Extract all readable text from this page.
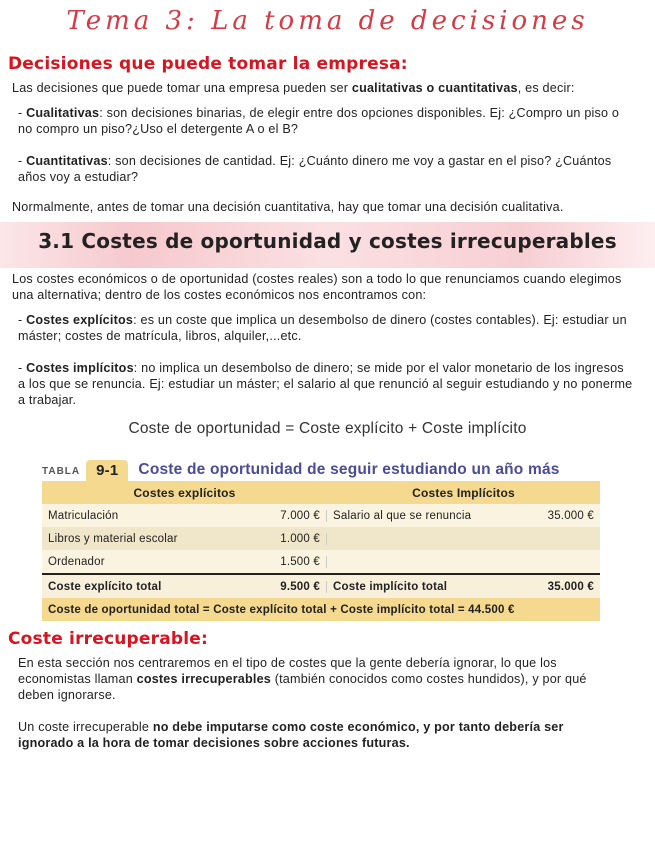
Tema 3: La toma de decisiones
Decisiones que puede tomar la empresa:

Las decisiones que puede tomar una empresa pueden ser cualitativas o cuantitativas, es decir:

- Cualitativas: son decisiones binarias, de elegir entre dos opciones disponibles. Ej: ¿Compro un piso o no compro un piso?¿Uso el detergente A o el B?

- Cuantitativas: son decisiones de cantidad. Ej: ¿Cuánto dinero me voy a gastar en el piso? ¿Cuántos años voy a estudiar?

Normalmente, antes de tomar una decisión cuantitativa, hay que tomar una decisión cualitativa.

3.1 Costes de oportunidad y costes irrecuperables

Los costes económicos o de oportunidad (costes reales) son a todo lo que renunciamos cuando elegimos una alternativa; dentro de los costes económicos nos encontramos con:

- Costes explícitos: es un coste que implica un desembolso de dinero (costes contables). Ej: estudiar un máster; costes de matrícula, libros, alquiler,...etc.

- Costes implícitos: no implica un desembolso de dinero; se mide por el valor monetario de los ingresos a los que se renuncia. Ej: estudiar un máster; el salario al que renunció al seguir estudiando y no ponerme a trabajar.

Coste de oportunidad = Coste explícito + Coste implícito
TABLA	9-1	Coste de oportunidad de seguir estudiando un año más
Costes explícitos	Costes Implícitos
Matriculación	7.000 €	Salario al que se renuncia	35.000 €
Libros y material escolar	1.000 €
Ordenador	1.500 €
Coste explícito total	9.500 €	Coste implícito total	35.000 €
Coste de oportunidad total = Coste explícito total + Coste implícito total = 44.500 €
Coste irrecuperable:

En esta sección nos centraremos en el tipo de costes que la gente debería ignorar, lo que los economistas llaman costes irrecuperables (también conocidos como costes hundidos), y por qué deben ignorarse.

Un coste irrecuperable no debe imputarse como coste económico, y por tanto debería ser ignorado a la hora de tomar decisiones sobre acciones futuras.
